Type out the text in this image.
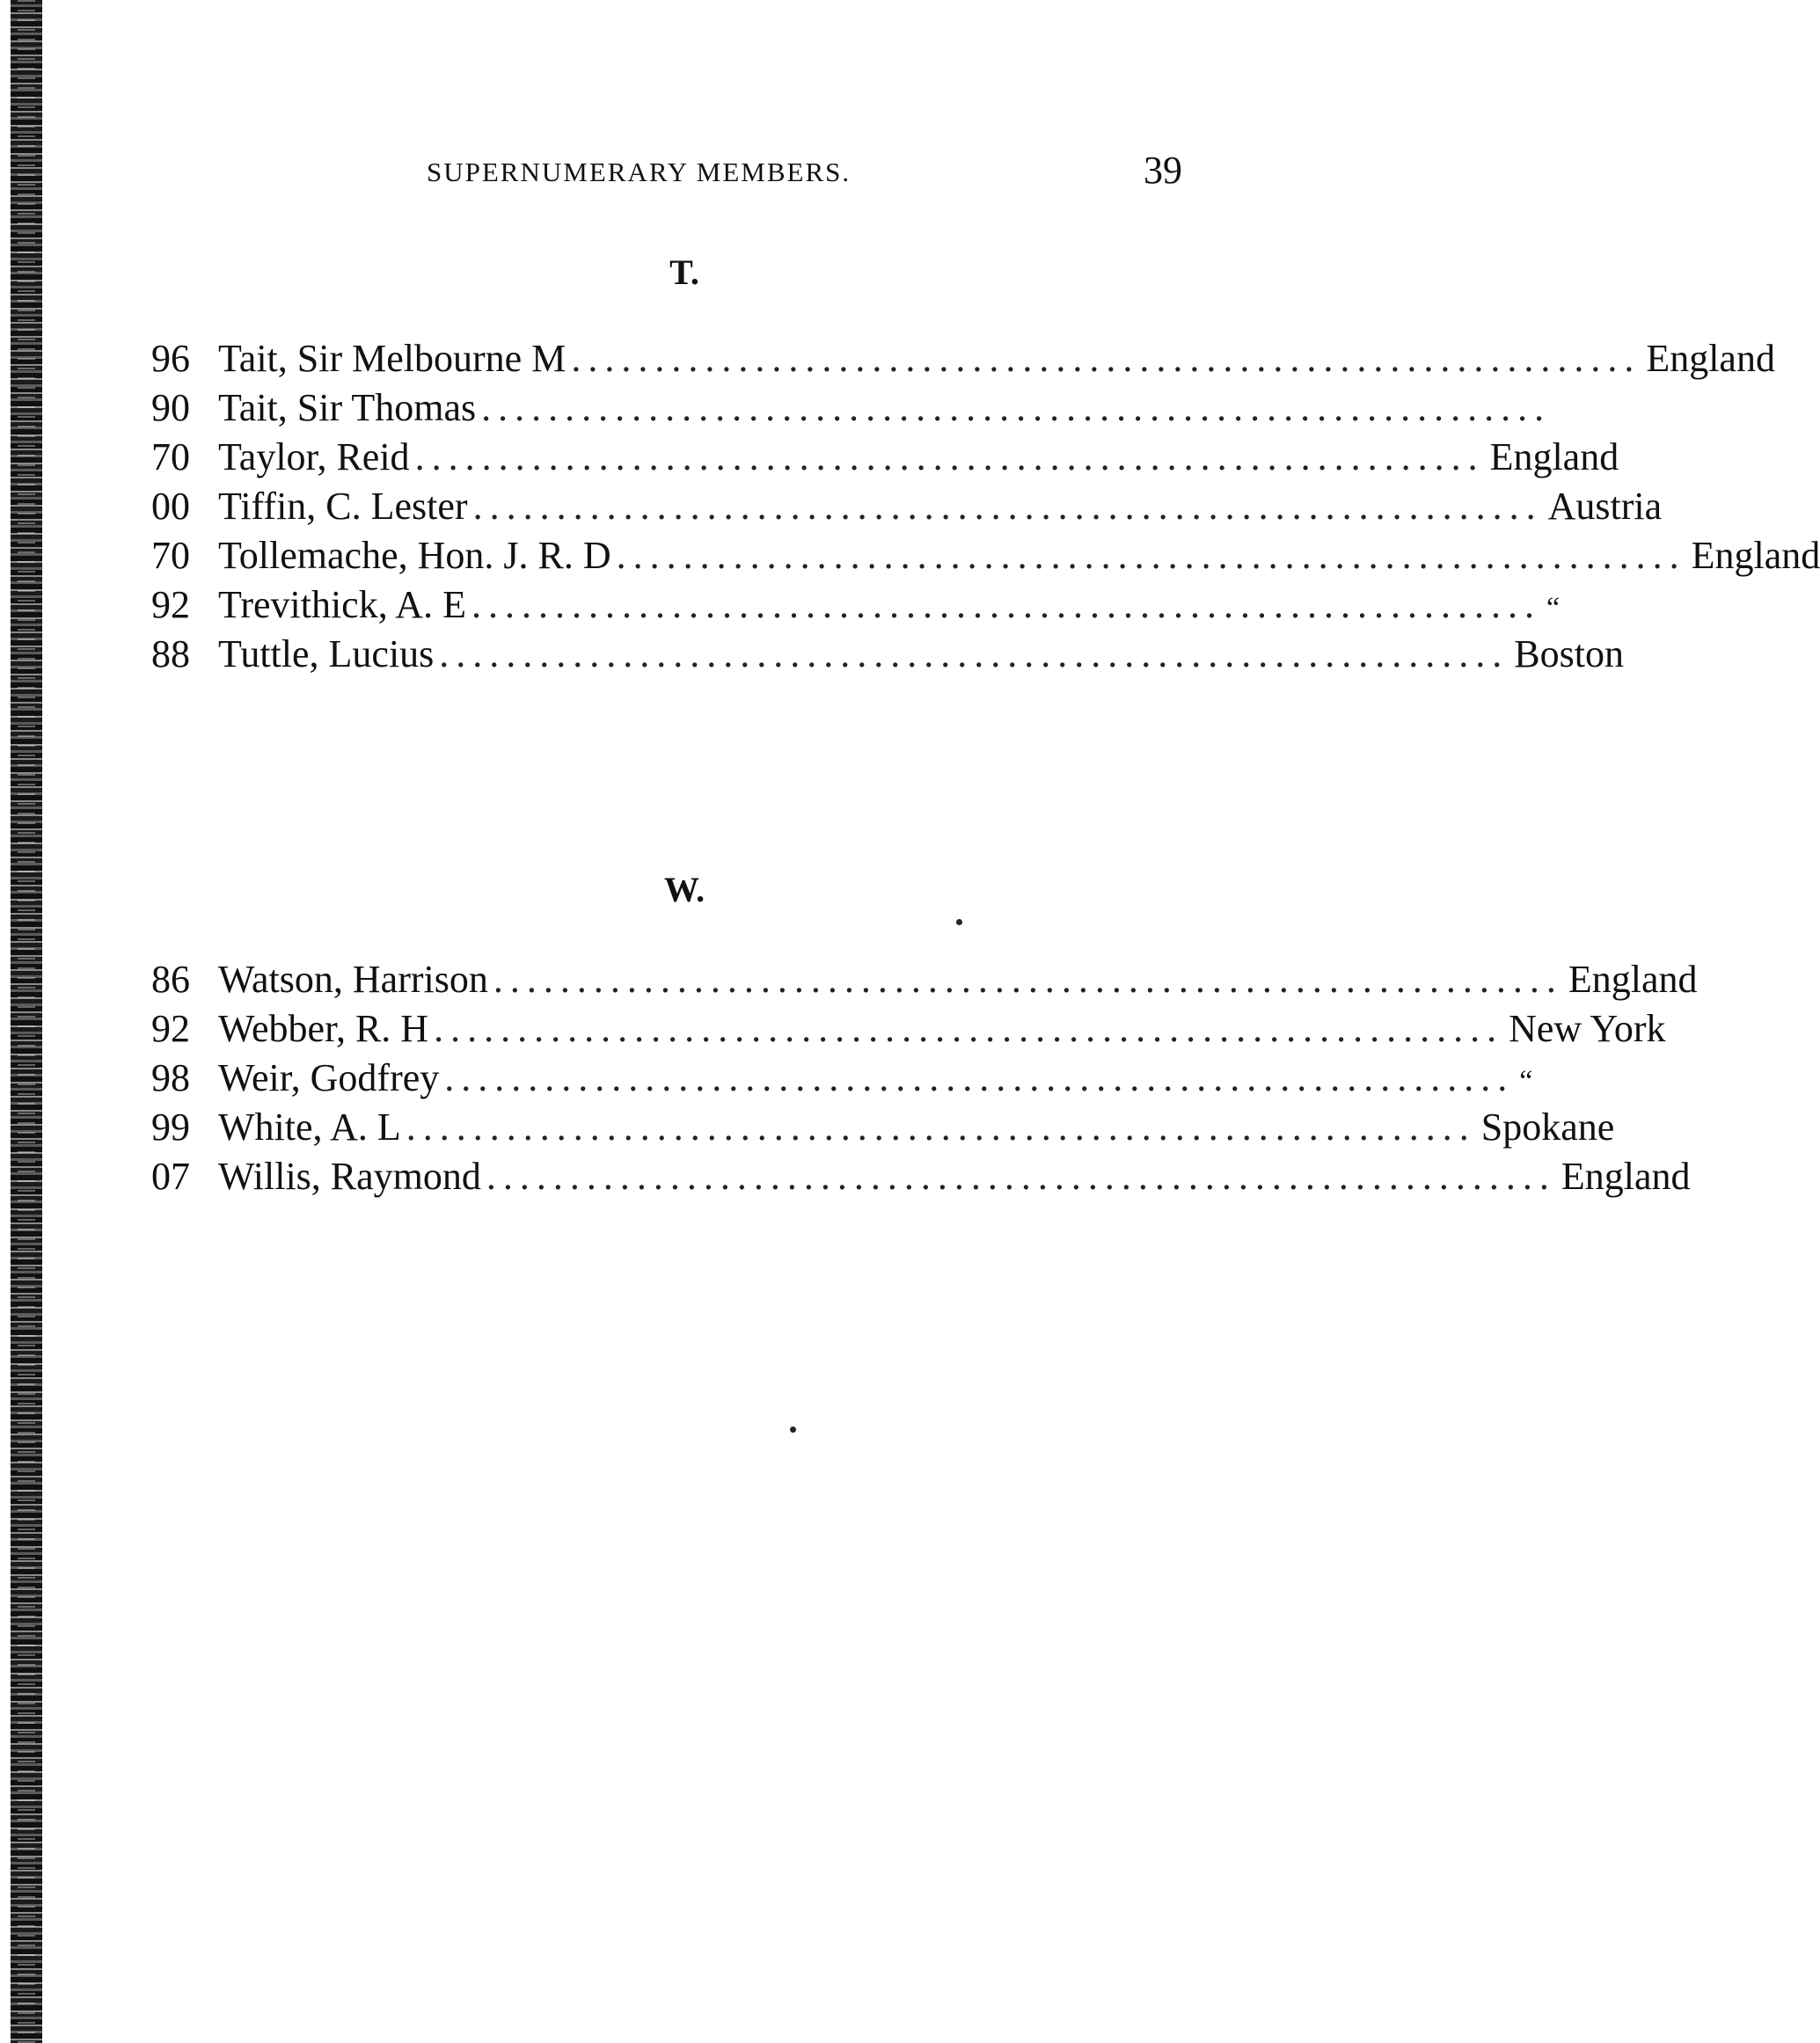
SUPERNUMERARY MEMBERS.	39
T.
96 Tait, Sir Melbourne M ................................................................ England
90 Tait, Sir Thomas ................................................................
70 Taylor, Reid ................................................................ England
00 Tiffin, C. Lester ................................................................ Austria
70 Tollemache, Hon. J. R. D ................................................................ England
92 Trevithick, A. E ................................................................ “
88 Tuttle, Lucius ................................................................ Boston
W.
86 Watson, Harrison ................................................................ England
92 Webber, R. H ................................................................ New York
98 Weir, Godfrey ................................................................ “
99 White, A. L ................................................................ Spokane
07 Willis, Raymond ................................................................ England
